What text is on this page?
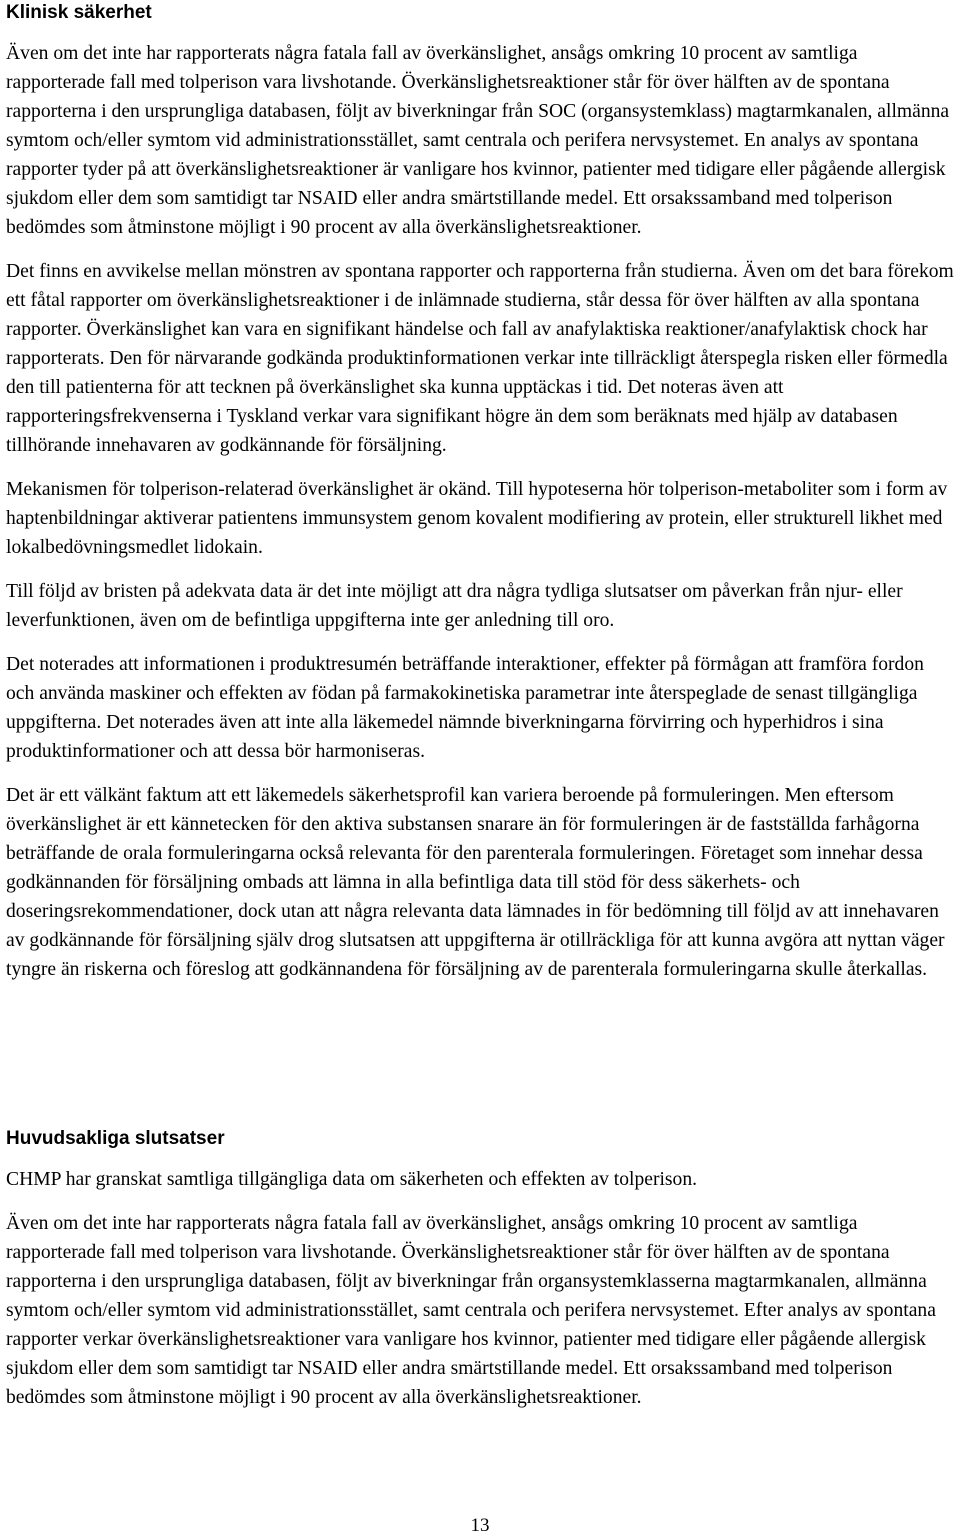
Klinisk säkerhet

Även om det inte har rapporterats några fatala fall av överkänslighet, ansågs omkring 10 procent av samtliga rapporterade fall med tolperison vara livshotande. Överkänslighetsreaktioner står för över hälften av de spontana rapporterna i den ursprungliga databasen, följt av biverkningar från SOC (organsystemklass) magtarmkanalen, allmänna symtom och/eller symtom vid administrationsstället, samt centrala och perifera nervsystemet. En analys av spontana rapporter tyder på att överkänslighetsreaktioner är vanligare hos kvinnor, patienter med tidigare eller pågående allergisk sjukdom eller dem som samtidigt tar NSAID eller andra smärtstillande medel. Ett orsakssamband med tolperison bedömdes som åtminstone möjligt i 90 procent av alla överkänslighetsreaktioner.

Det finns en avvikelse mellan mönstren av spontana rapporter och rapporterna från studierna. Även om det bara förekom ett fåtal rapporter om överkänslighetsreaktioner i de inlämnade studierna, står dessa för över hälften av alla spontana rapporter. Överkänslighet kan vara en signifikant händelse och fall av anafylaktiska reaktioner/anafylaktisk chock har rapporterats. Den för närvarande godkända produktinformationen verkar inte tillräckligt återspegla risken eller förmedla den till patienterna för att tecknen på överkänslighet ska kunna upptäckas i tid. Det noteras även att rapporteringsfrekvenserna i Tyskland verkar vara signifikant högre än dem som beräknats med hjälp av databasen tillhörande innehavaren av godkännande för försäljning.

Mekanismen för tolperison-relaterad överkänslighet är okänd. Till hypoteserna hör tolperison-metaboliter som i form av haptenbildningar aktiverar patientens immunsystem genom kovalent modifiering av protein, eller strukturell likhet med lokalbedövningsmedlet lidokain.

Till följd av bristen på adekvata data är det inte möjligt att dra några tydliga slutsatser om påverkan från njur- eller leverfunktionen, även om de befintliga uppgifterna inte ger anledning till oro.

Det noterades att informationen i produktresumén beträffande interaktioner, effekter på förmågan att framföra fordon och använda maskiner och effekten av födan på farmakokinetiska parametrar inte återspeglade de senast tillgängliga uppgifterna. Det noterades även att inte alla läkemedel nämnde biverkningarna förvirring och hyperhidros i sina produktinformationer och att dessa bör harmoniseras.

Det är ett välkänt faktum att ett läkemedels säkerhetsprofil kan variera beroende på formuleringen. Men eftersom överkänslighet är ett kännetecken för den aktiva substansen snarare än för formuleringen är de fastställda farhågorna beträffande de orala formuleringarna också relevanta för den parenterala formuleringen. Företaget som innehar dessa godkännanden för försäljning ombads att lämna in alla befintliga data till stöd för dess säkerhets- och doseringsrekommendationer, dock utan att några relevanta data lämnades in för bedömning till följd av att innehavaren av godkännande för försäljning själv drog slutsatsen att uppgifterna är otillräckliga för att kunna avgöra att nyttan väger tyngre än riskerna och föreslog att godkännandena för försäljning av de parenterala formuleringarna skulle återkallas.

Huvudsakliga slutsatser

CHMP har granskat samtliga tillgängliga data om säkerheten och effekten av tolperison.

Även om det inte har rapporterats några fatala fall av överkänslighet, ansågs omkring 10 procent av samtliga rapporterade fall med tolperison vara livshotande. Överkänslighetsreaktioner står för över hälften av de spontana rapporterna i den ursprungliga databasen, följt av biverkningar från organsystemklasserna magtarmkanalen, allmänna symtom och/eller symtom vid administrationsstället, samt centrala och perifera nervsystemet. Efter analys av spontana rapporter verkar överkänslighetsreaktioner vara vanligare hos kvinnor, patienter med tidigare eller pågående allergisk sjukdom eller dem som samtidigt tar NSAID eller andra smärtstillande medel. Ett orsakssamband med tolperison bedömdes som åtminstone möjligt i 90 procent av alla överkänslighetsreaktioner.

13
